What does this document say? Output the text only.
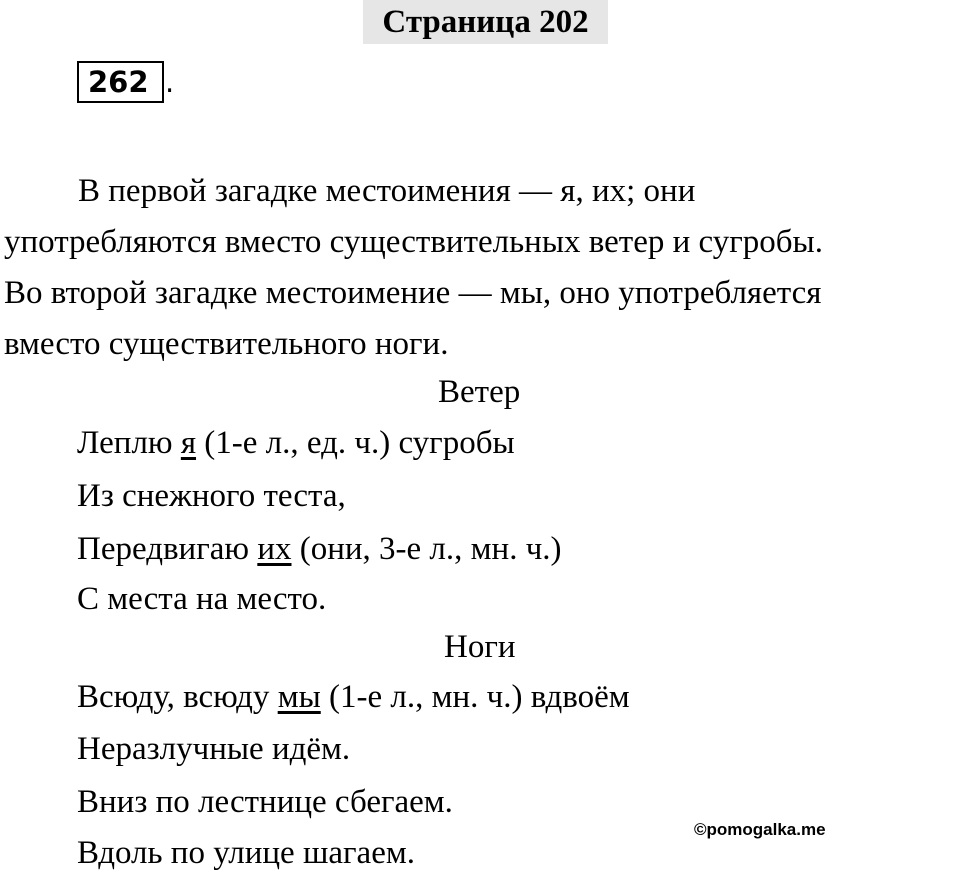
Страница 202
262 .
В первой загадке местоимения — я, их; они
употребляются вместо существительных ветер и сугробы.
Во второй загадке местоимение — мы, оно употребляется
вместо существительного ноги.
Ветер
Леплю я (1-е л., ед. ч.) сугробы
Из снежного теста,
Передвигаю их (они, 3-е л., мн. ч.)
С места на место.
Ноги
Всюду, всюду мы (1-е л., мн. ч.) вдвоём
Неразлучные идём.
Вниз по лестнице сбегаем.
Вдоль по улице шагаем.
©pomogalka.me
